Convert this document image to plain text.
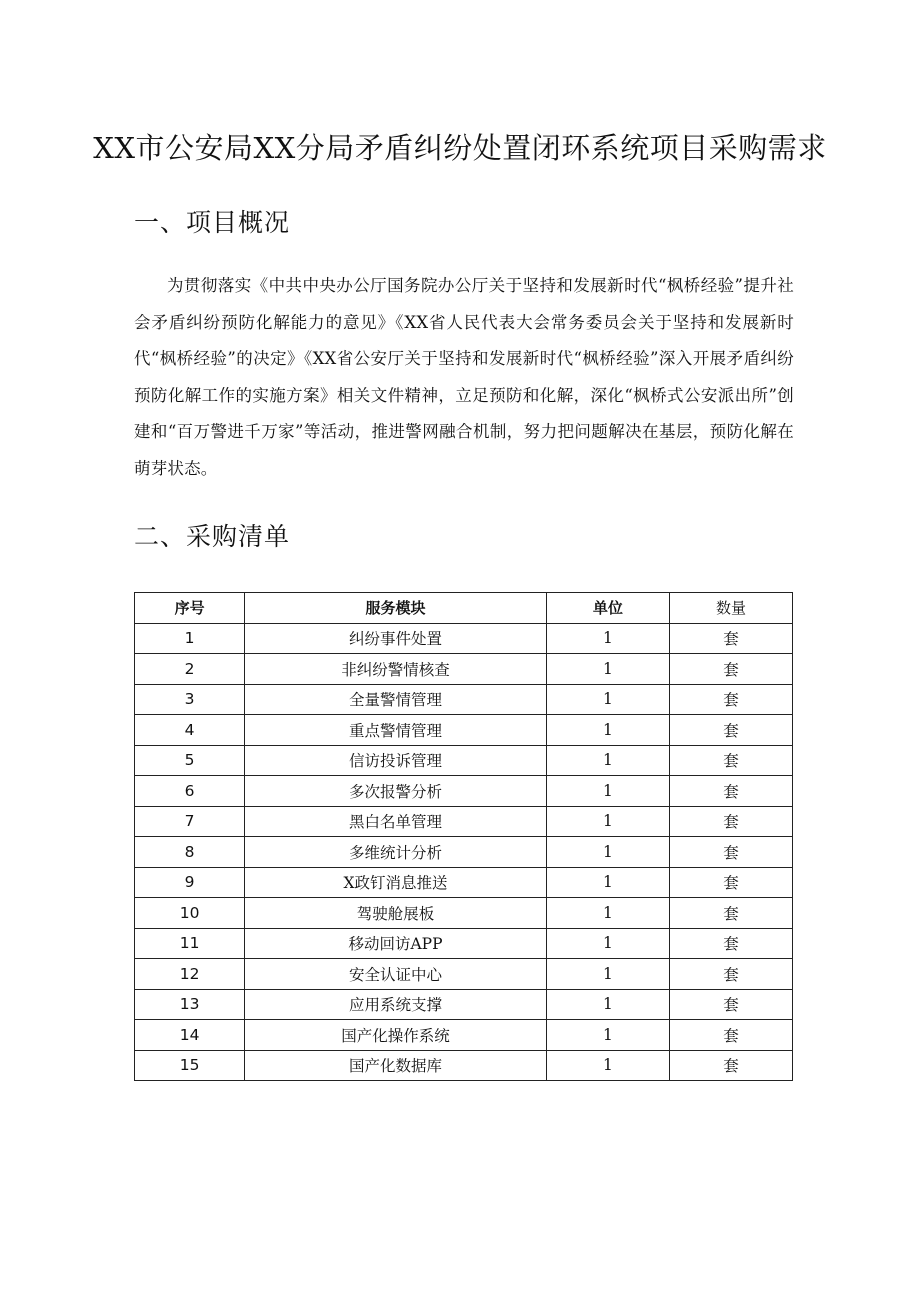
XX市公安局XX分局矛盾纠纷处置闭环系统项目采购需求
一、项目概况

为贯彻落实《中共中央办公厅国务院办公厅关于坚持和发展新时代“枫桥经验”提升社会矛盾纠纷预防化解能力的意见》《XX省人民代表大会常务委员会关于坚持和发展新时代“枫桥经验”的决定》《XX省公安厅关于坚持和发展新时代“枫桥经验”深入开展矛盾纠纷预防化解工作的实施方案》相关文件精神，立足预防和化解，深化“枫桥式公安派出所”创建和“百万警进千万家”等活动，推进警网融合机制，努力把问题解决在基层，预防化解在萌芽状态。

二、采购清单
序号	服务模块	单位	数量
1	纠纷事件处置	1	套
2	非纠纷警情核查	1	套
3	全量警情管理	1	套
4	重点警情管理	1	套
5	信访投诉管理	1	套
6	多次报警分析	1	套
7	黑白名单管理	1	套
8	多维统计分析	1	套
9	X政钉消息推送	1	套
10	驾驶舱展板	1	套
11	移动回访APP	1	套
12	安全认证中心	1	套
13	应用系统支撑	1	套
14	国产化操作系统	1	套
15	国产化数据库	1	套
